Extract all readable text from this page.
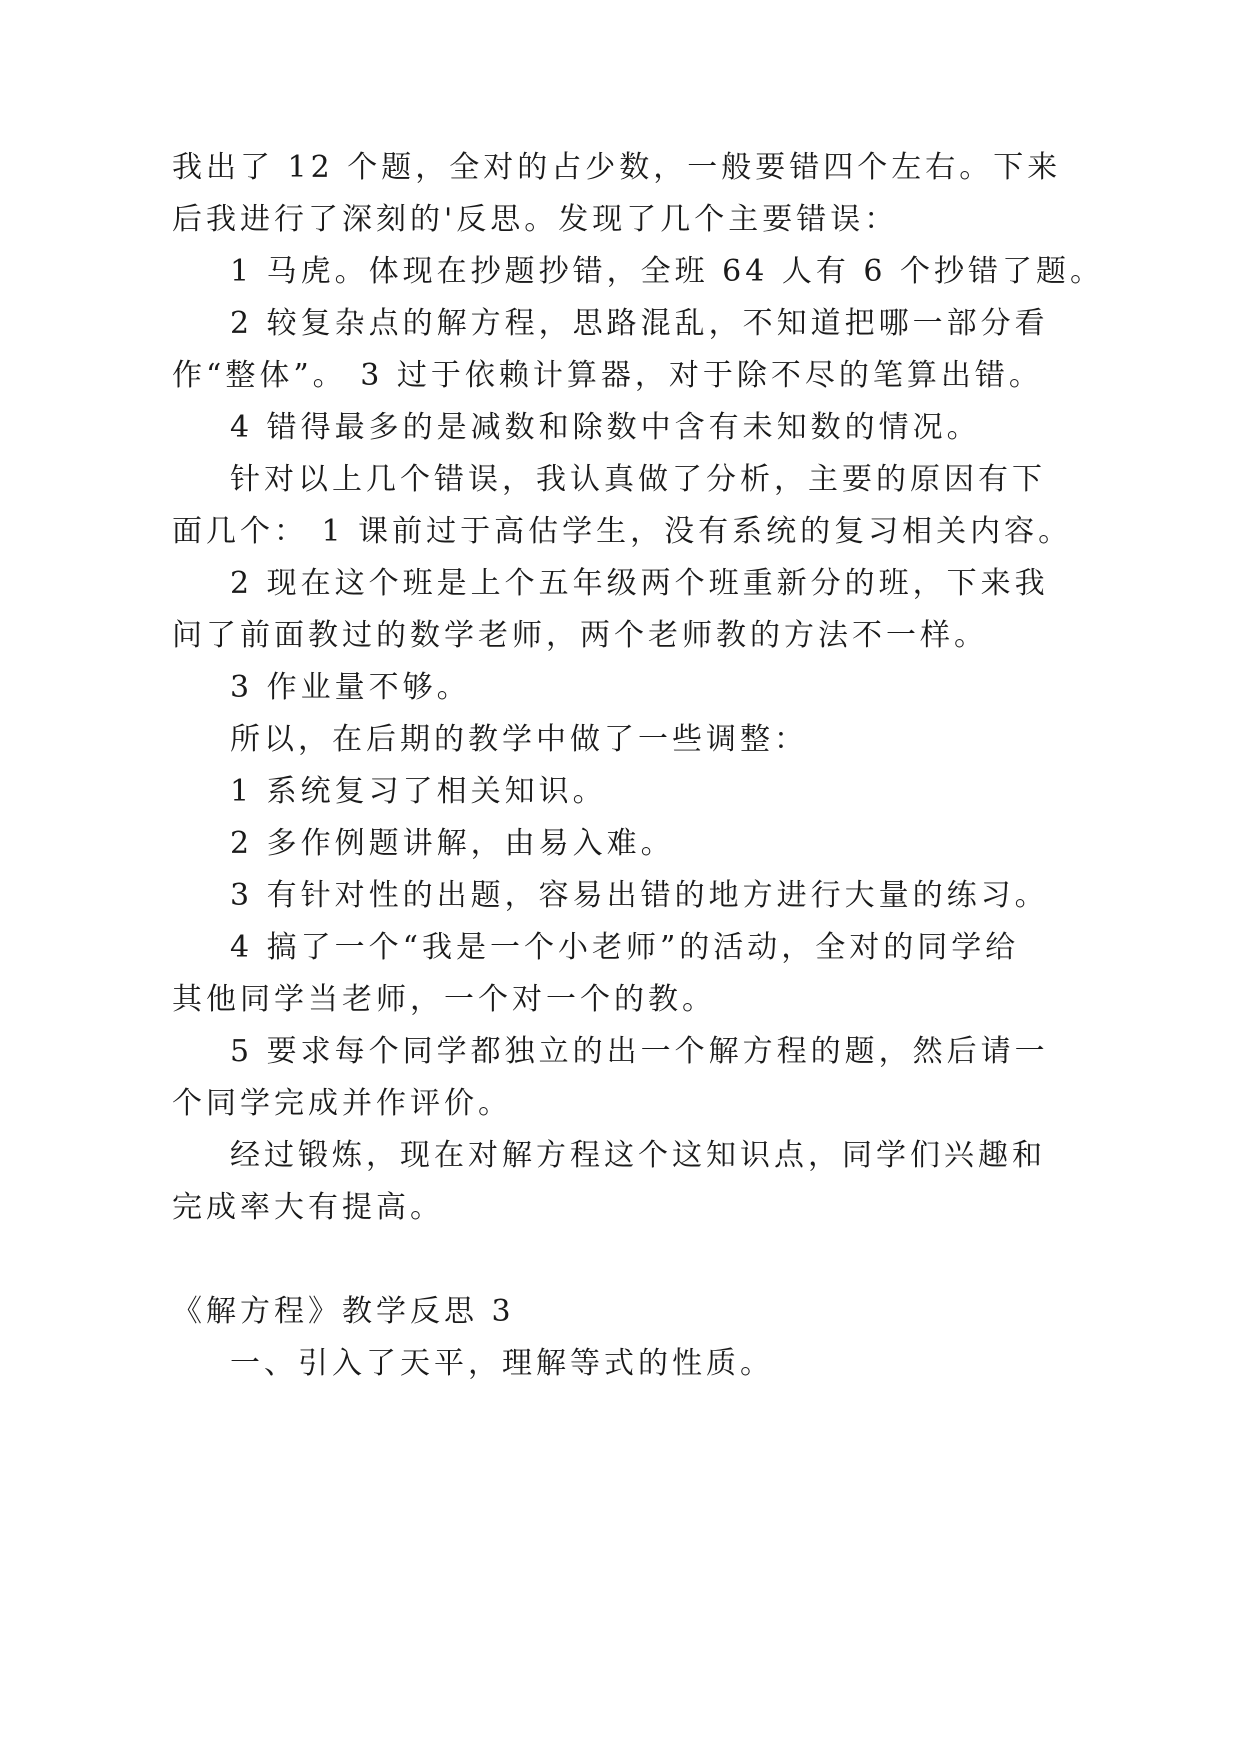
我出了 12 个题，全对的占少数，一般要错四个左右。下来
后我进行了深刻的'反思。发现了几个主要错误：
1 马虎。体现在抄题抄错，全班 64 人有 6 个抄错了题。
2 较复杂点的解方程，思路混乱，不知道把哪一部分看
作“整体”。 3 过于依赖计算器，对于除不尽的笔算出错。
4 错得最多的是减数和除数中含有未知数的情况。
针对以上几个错误，我认真做了分析，主要的原因有下
面几个： 1 课前过于高估学生，没有系统的复习相关内容。
2 现在这个班是上个五年级两个班重新分的班，下来我
问了前面教过的数学老师，两个老师教的方法不一样。
3 作业量不够。
所以，在后期的教学中做了一些调整：
1 系统复习了相关知识。
2 多作例题讲解，由易入难。
3 有针对性的出题，容易出错的地方进行大量的练习。
4 搞了一个“我是一个小老师”的活动，全对的同学给
其他同学当老师，一个对一个的教。
5 要求每个同学都独立的出一个解方程的题，然后请一
个同学完成并作评价。
经过锻炼，现在对解方程这个这知识点，同学们兴趣和
完成率大有提高。
《解方程》教学反思 3
一、引入了天平，理解等式的性质。
